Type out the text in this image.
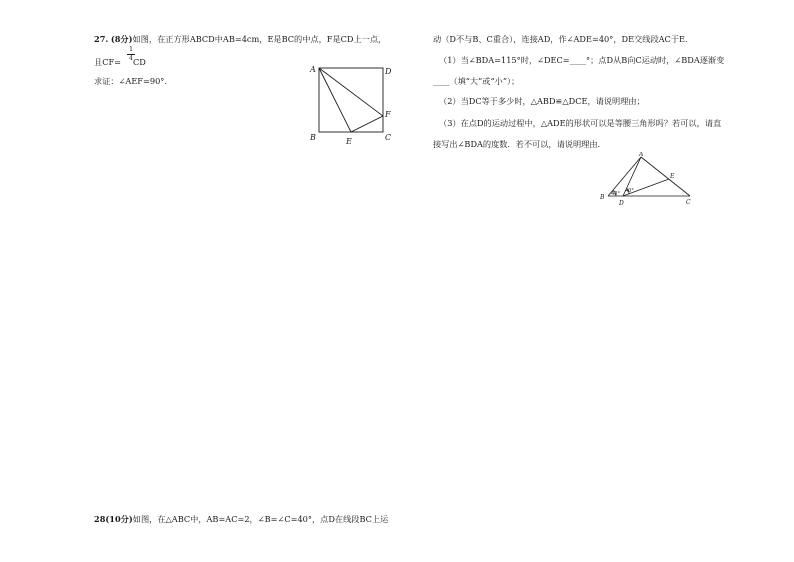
27. (8分)如图，在正方形ABCD中AB=4cm，E是BC的中点，F是CD上一点，
且CF= CD
1
4
求证：∠AEF=90°.
A	D
B	C
E
F
28(10分)如图，在△ABC中，AB=AC=2，∠B=∠C=40°，点D在线段BC上运
动（D不与B、C重合），连接AD，作∠ADE=40°，DE交线段AC于E．
（1）当∠BDA=115°时，∠DEC=____°；点D从B向C运动时，∠BDA逐渐变
____（填“大”或“小”）；
（2）当DC等于多少时，△ABD≌△DCE，请说明理由；
（3）在点D的运动过程中，△ADE的形状可以是等腰三角形吗？若可以，请直
接写出∠BDA的度数．若不可以，请说明理由．
A
B
D	C
E
40° 40°
